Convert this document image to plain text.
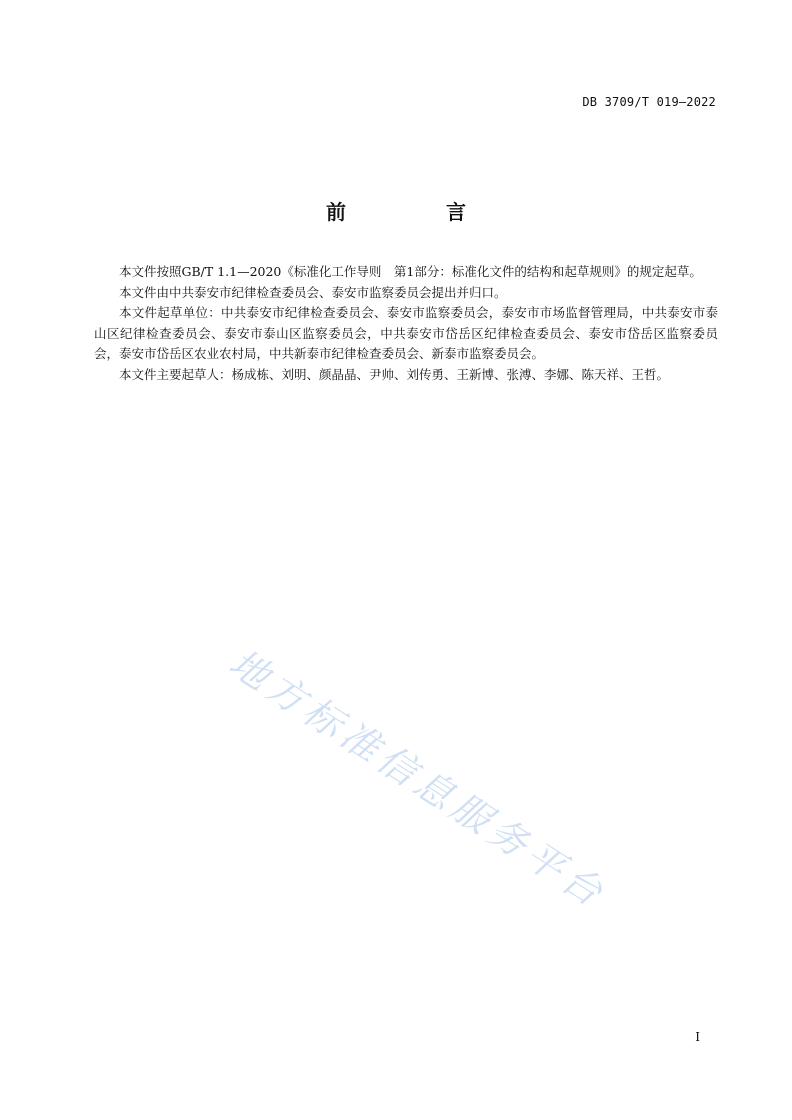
DB 3709/T 019—2022
前　言

本文件按照GB/T 1.1—2020《标准化工作导则　第1部分：标准化文件的结构和起草规则》的规定起草。

本文件由中共泰安市纪律检查委员会、泰安市监察委员会提出并归口。

本文件起草单位：中共泰安市纪律检查委员会、泰安市监察委员会，泰安市市场监督管理局，中共泰安市泰山区纪律检查委员会、泰安市泰山区监察委员会，中共泰安市岱岳区纪律检查委员会、泰安市岱岳区监察委员会，泰安市岱岳区农业农村局，中共新泰市纪律检查委员会、新泰市监察委员会。

本文件主要起草人：杨成栋、刘明、颜晶晶、尹帅、刘传勇、王新博、张溥、李娜、陈天祥、王哲。

地方标准信息服务平台
I
